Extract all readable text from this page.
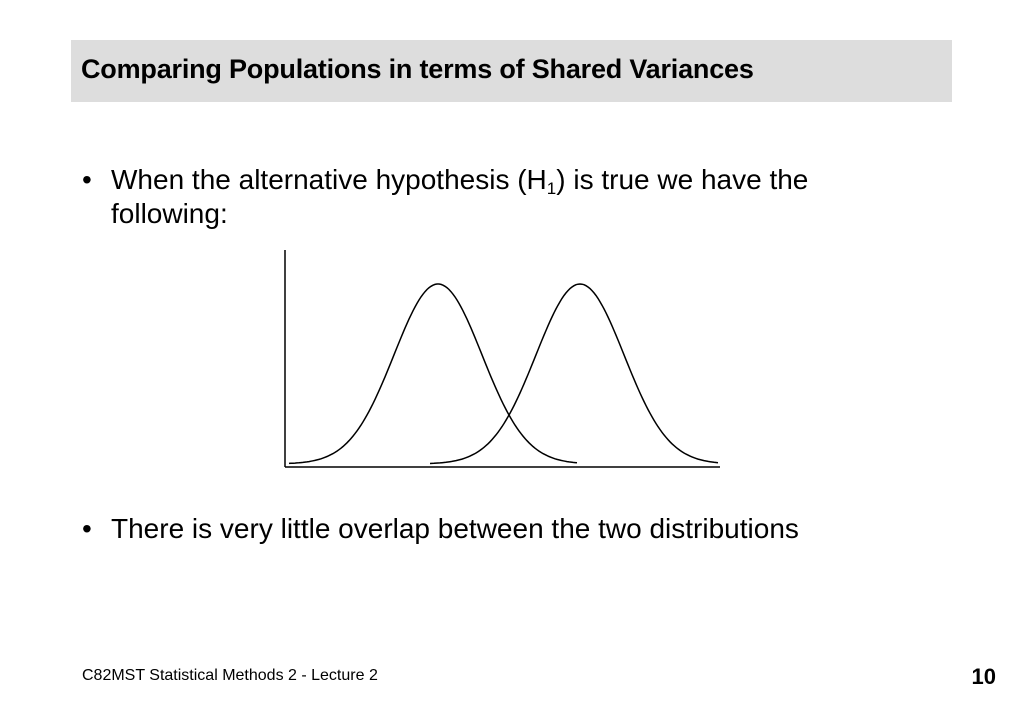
Comparing Populations in terms of Shared Variances
• When the alternative hypothesis $(H_1)$ is true we have the
following:
• There is very little overlap between the two distributions
C82MST Statistical Methods 2 - Lecture 2	10
